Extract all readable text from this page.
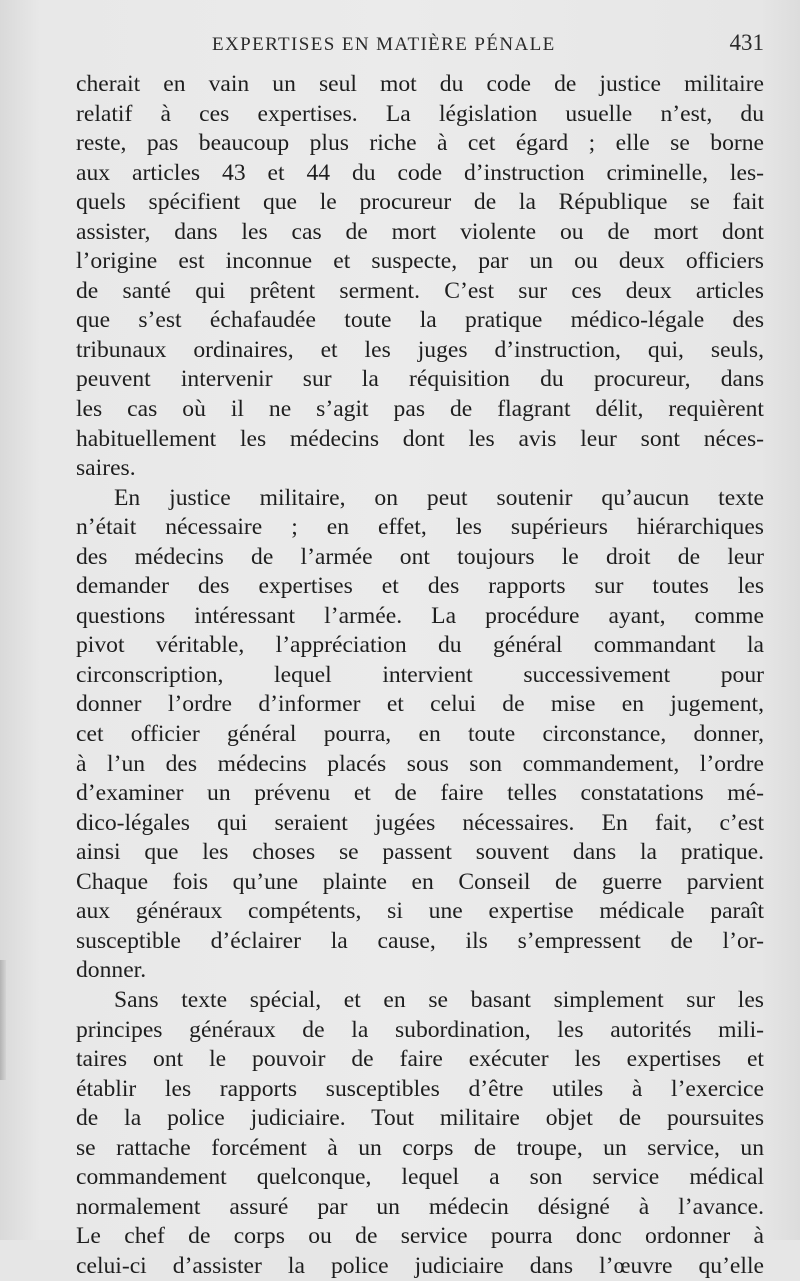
EXPERTISES EN MATIÈRE PÉNALE	431
cherait en vain un seul mot du code de justice militaire
relatif à ces expertises. La législation usuelle n’est, du
reste, pas beaucoup plus riche à cet égard ; elle se borne
aux articles 43 et 44 du code d’instruction criminelle, les-
quels spécifient que le procureur de la République se fait
assister, dans les cas de mort violente ou de mort dont
l’origine est inconnue et suspecte, par un ou deux officiers
de santé qui prêtent serment. C’est sur ces deux articles
que s’est échafaudée toute la pratique médico-légale des
tribunaux ordinaires, et les juges d’instruction, qui, seuls,
peuvent intervenir sur la réquisition du procureur, dans
les cas où il ne s’agit pas de flagrant délit, requièrent
habituellement les médecins dont les avis leur sont néces-
saires.
En justice militaire, on peut soutenir qu’aucun texte
n’était nécessaire ; en effet, les supérieurs hiérarchiques
des médecins de l’armée ont toujours le droit de leur
demander des expertises et des rapports sur toutes les
questions intéressant l’armée. La procédure ayant, comme
pivot véritable, l’appréciation du général commandant la
circonscription, lequel intervient successivement pour
donner l’ordre d’informer et celui de mise en jugement,
cet officier général pourra, en toute circonstance, donner,
à l’un des médecins placés sous son commandement, l’ordre
d’examiner un prévenu et de faire telles constatations mé-
dico-légales qui seraient jugées nécessaires. En fait, c’est
ainsi que les choses se passent souvent dans la pratique.
Chaque fois qu’une plainte en Conseil de guerre parvient
aux généraux compétents, si une expertise médicale paraît
susceptible d’éclairer la cause, ils s’empressent de l’or-
donner.
Sans texte spécial, et en se basant simplement sur les
principes généraux de la subordination, les autorités mili-
taires ont le pouvoir de faire exécuter les expertises et
établir les rapports susceptibles d’être utiles à l’exercice
de la police judiciaire. Tout militaire objet de poursuites
se rattache forcément à un corps de troupe, un service, un
commandement quelconque, lequel a son service médical
normalement assuré par un médecin désigné à l’avance.
Le chef de corps ou de service pourra donc ordonner à
celui-ci d’assister la police judiciaire dans l’œuvre qu’elle
